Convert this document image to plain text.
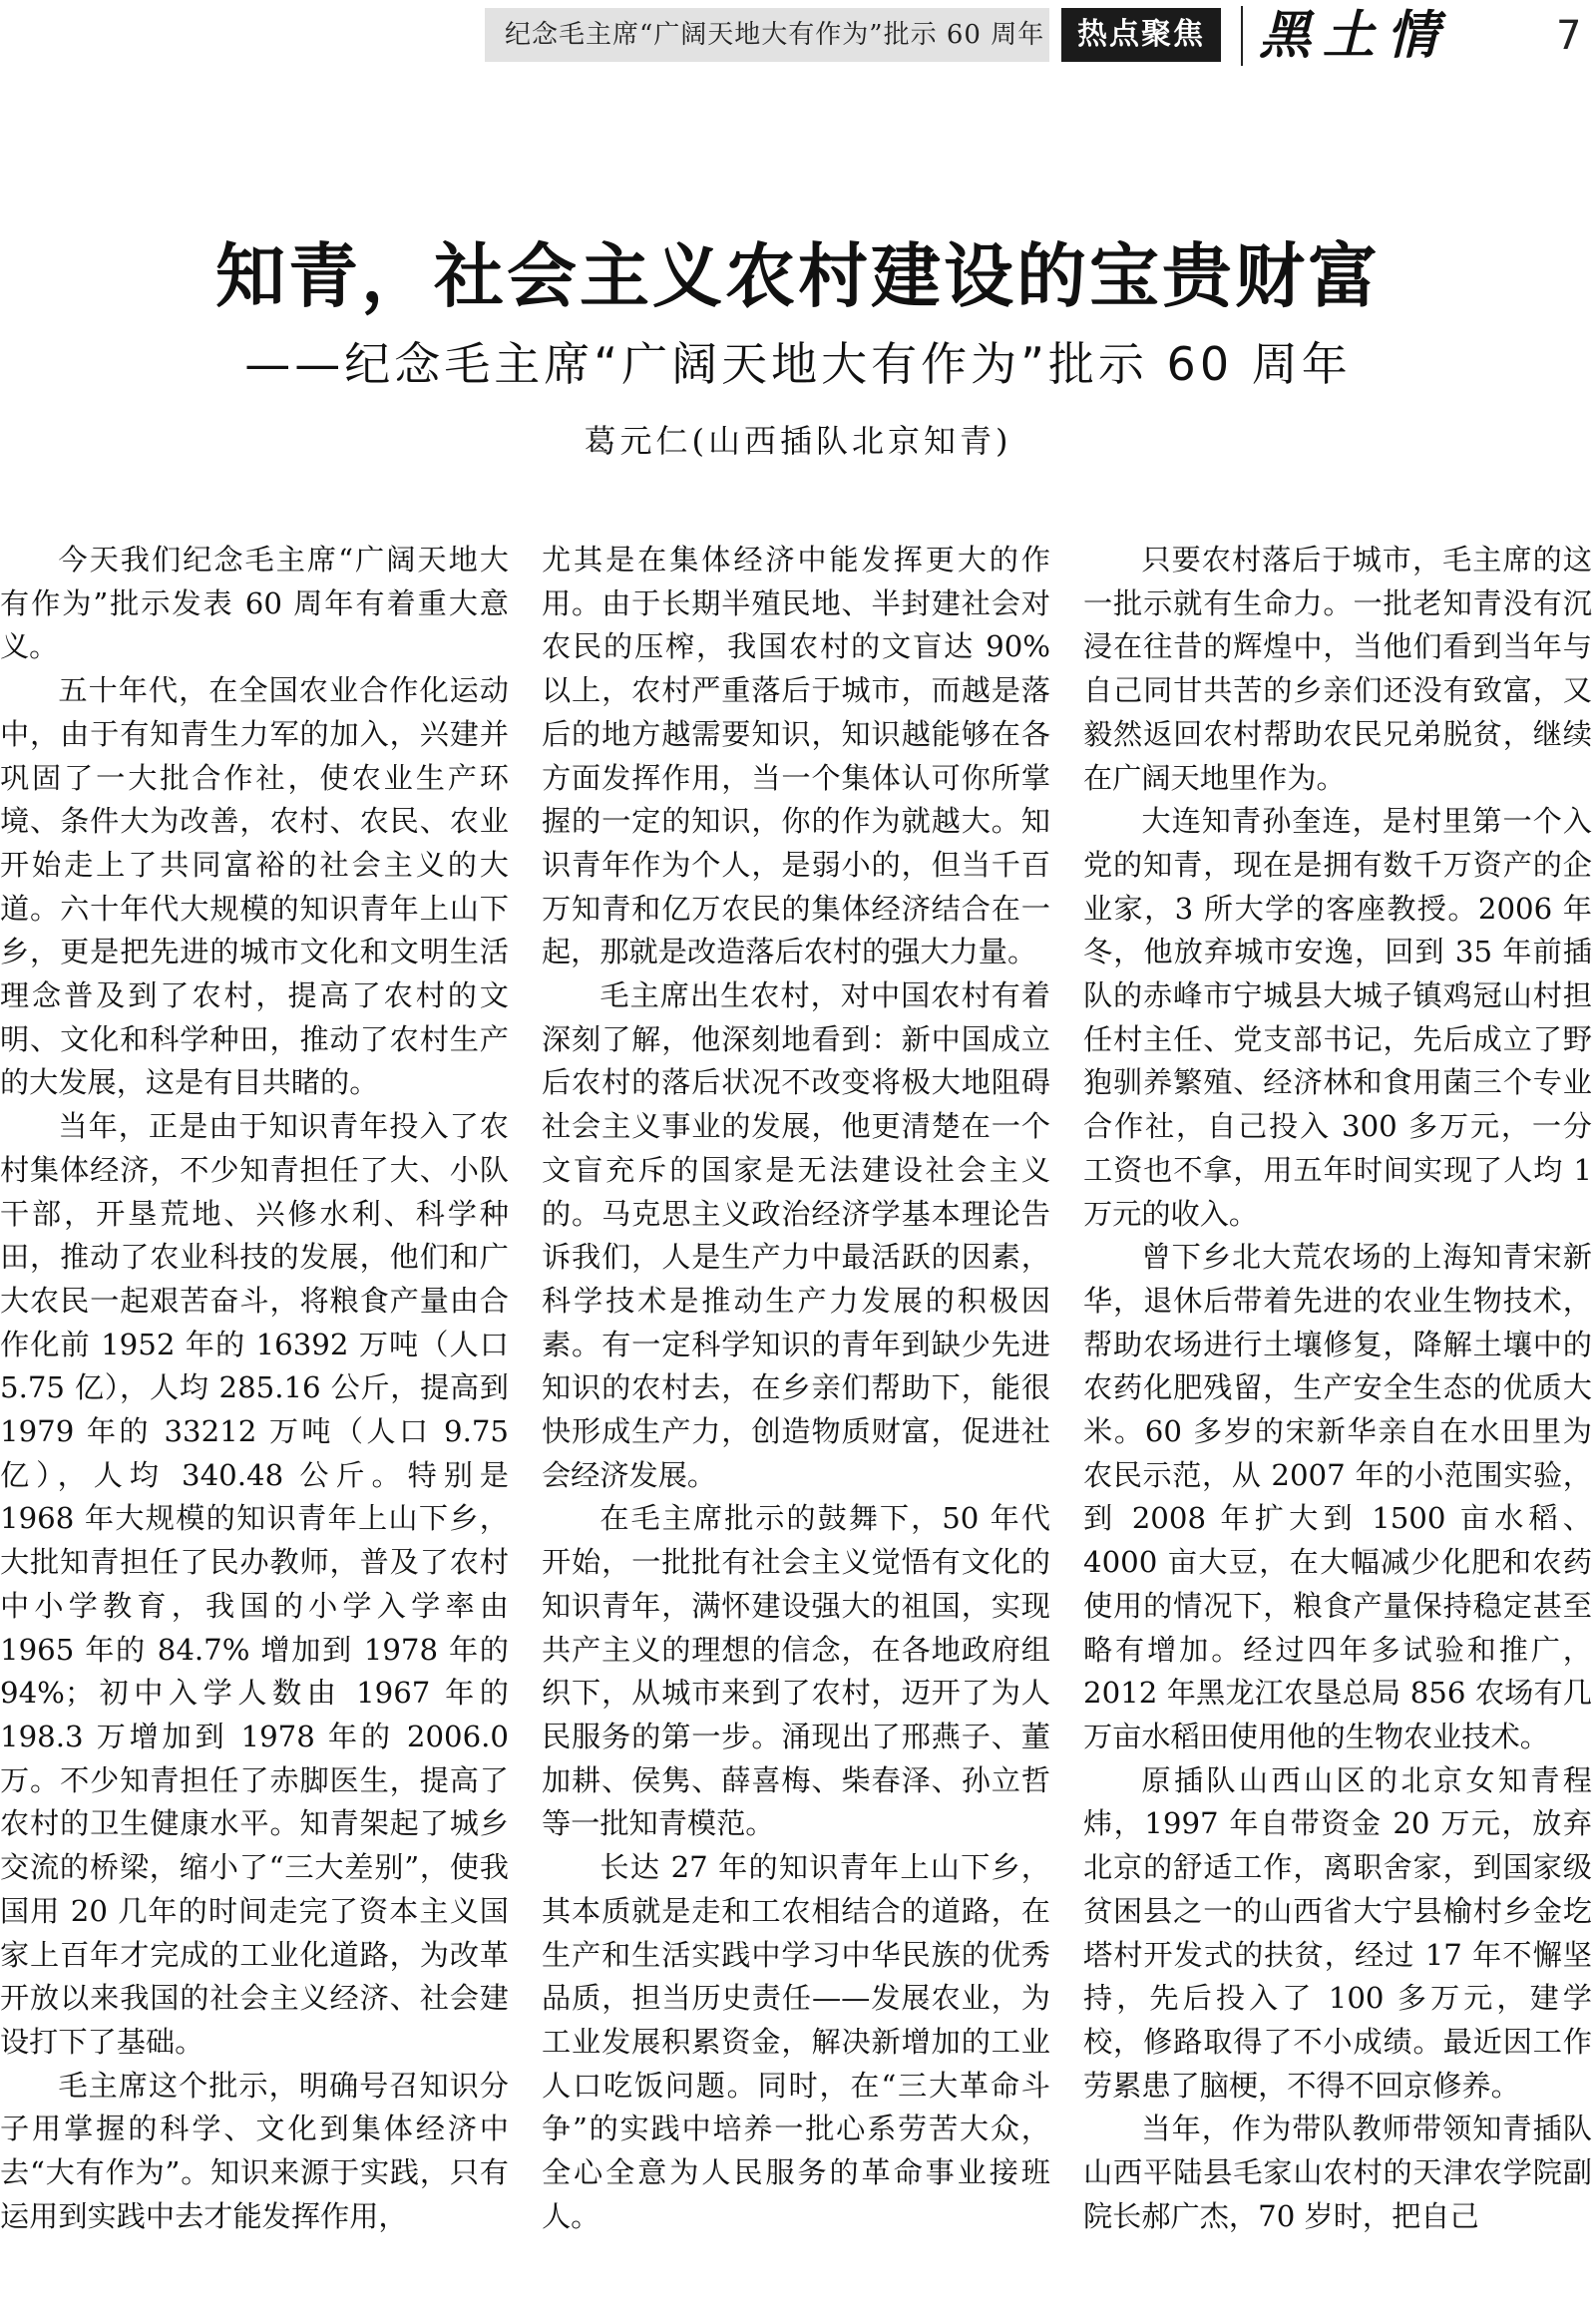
纪念毛主席“广阔天地大有作为”批示 60 周年	热点聚焦	黑土情	7
知青，社会主义农村建设的宝贵财富
——纪念毛主席“广阔天地大有作为”批示 60 周年
葛元仁(山西插队北京知青)

今天我们纪念毛主席“广阔天地大有作为”批示发表 60 周年有着重大意义。

五十年代，在全国农业合作化运动中，由于有知青生力军的加入，兴建并巩固了一大批合作社，使农业生产环境、条件大为改善，农村、农民、农业开始走上了共同富裕的社会主义的大道。六十年代大规模的知识青年上山下乡，更是把先进的城市文化和文明生活理念普及到了农村，提高了农村的文明、文化和科学种田，推动了农村生产的大发展，这是有目共睹的。

当年，正是由于知识青年投入了农村集体经济，不少知青担任了大、小队干部，开垦荒地、兴修水利、科学种田，推动了农业科技的发展，他们和广大农民一起艰苦奋斗，将粮食产量由合作化前 1952 年的 16392 万吨（人口 5.75 亿），人均 285.16 公斤，提高到 1979 年的 33212 万吨（人口 9.75 亿），人均 340.48 公斤。特别是 1968 年大规模的知识青年上山下乡，大批知青担任了民办教师，普及了农村中小学教育，我国的小学入学率由 1965 年的 84.7% 增加到 1978 年的 94%；初中入学人数由 1967 年的 198.3 万增加到 1978 年的 2006.0 万。不少知青担任了赤脚医生，提高了农村的卫生健康水平。知青架起了城乡交流的桥梁，缩小了“三大差别”，使我国用 20 几年的时间走完了资本主义国家上百年才完成的工业化道路，为改革开放以来我国的社会主义经济、社会建设打下了基础。

毛主席这个批示，明确号召知识分子用掌握的科学、文化到集体经济中去“大有作为”。知识来源于实践，只有运用到实践中去才能发挥作用，

尤其是在集体经济中能发挥更大的作用。由于长期半殖民地、半封建社会对农民的压榨，我国农村的文盲达 90% 以上，农村严重落后于城市，而越是落后的地方越需要知识，知识越能够在各方面发挥作用，当一个集体认可你所掌握的一定的知识，你的作为就越大。知识青年作为个人，是弱小的，但当千百万知青和亿万农民的集体经济结合在一起，那就是改造落后农村的强大力量。

毛主席出生农村，对中国农村有着深刻了解，他深刻地看到：新中国成立后农村的落后状况不改变将极大地阻碍社会主义事业的发展，他更清楚在一个文盲充斥的国家是无法建设社会主义的。马克思主义政治经济学基本理论告诉我们，人是生产力中最活跃的因素，科学技术是推动生产力发展的积极因素。有一定科学知识的青年到缺少先进知识的农村去，在乡亲们帮助下，能很快形成生产力，创造物质财富，促进社会经济发展。

在毛主席批示的鼓舞下，50 年代开始，一批批有社会主义觉悟有文化的知识青年，满怀建设强大的祖国，实现共产主义的理想的信念，在各地政府组织下，从城市来到了农村，迈开了为人民服务的第一步。涌现出了邢燕子、董加耕、侯隽、薛喜梅、柴春泽、孙立哲等一批知青模范。

长达 27 年的知识青年上山下乡，其本质就是走和工农相结合的道路，在生产和生活实践中学习中华民族的优秀品质，担当历史责任——发展农业，为工业发展积累资金，解决新增加的工业人口吃饭问题。同时，在“三大革命斗争”的实践中培养一批心系劳苦大众，全心全意为人民服务的革命事业接班人。

只要农村落后于城市，毛主席的这一批示就有生命力。一批老知青没有沉浸在往昔的辉煌中，当他们看到当年与自己同甘共苦的乡亲们还没有致富，又毅然返回农村帮助农民兄弟脱贫，继续在广阔天地里作为。

大连知青孙奎连，是村里第一个入党的知青，现在是拥有数千万资产的企业家，3 所大学的客座教授。2006 年冬，他放弃城市安逸，回到 35 年前插队的赤峰市宁城县大城子镇鸡冠山村担任村主任、党支部书记，先后成立了野狍驯养繁殖、经济林和食用菌三个专业合作社，自己投入 300 多万元，一分工资也不拿，用五年时间实现了人均 1 万元的收入。

曾下乡北大荒农场的上海知青宋新华，退休后带着先进的农业生物技术，帮助农场进行土壤修复，降解土壤中的农药化肥残留，生产安全生态的优质大米。60 多岁的宋新华亲自在水田里为农民示范，从 2007 年的小范围实验，到 2008 年扩大到 1500 亩水稻、4000 亩大豆，在大幅减少化肥和农药使用的情况下，粮食产量保持稳定甚至略有增加。经过四年多试验和推广，2012 年黑龙江农垦总局 856 农场有几万亩水稻田使用他的生物农业技术。

原插队山西山区的北京女知青程炜，1997 年自带资金 20 万元，放弃北京的舒适工作，离职舍家，到国家级贫困县之一的山西省大宁县榆村乡金圪塔村开发式的扶贫，经过 17 年不懈坚持，先后投入了 100 多万元，建学校，修路取得了不小成绩。最近因工作劳累患了脑梗，不得不回京修养。

当年，作为带队教师带领知青插队山西平陆县毛家山农村的天津农学院副院长郝广杰，70 岁时，把自己
